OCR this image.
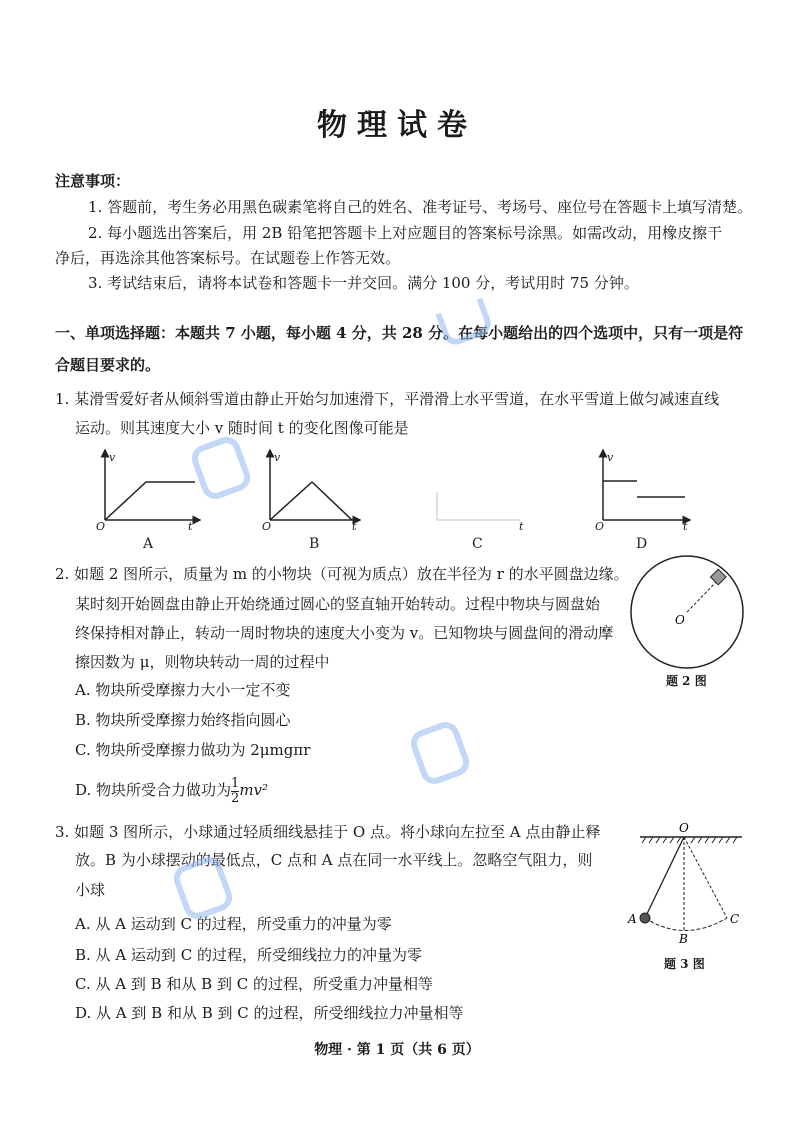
物理试卷
注意事项：
1. 答题前，考生务必用黑色碳素笔将自己的姓名、准考证号、考场号、座位号在答题卡上填写清楚。
2. 每小题选出答案后，用 2B 铅笔把答题卡上对应题目的答案标号涂黑。如需改动，用橡皮擦干
净后，再选涂其他答案标号。在试题卷上作答无效。
3. 考试结束后，请将本试卷和答题卡一并交回。满分 100 分，考试用时 75 分钟。
一、单项选择题：本题共 7 小题，每小题 4 分，共 28 分。在每小题给出的四个选项中，只有一项是符
合题目要求的。
1. 某滑雪爱好者从倾斜雪道由静止开始匀加速滑下，平滑滑上水平雪道，在水平雪道上做匀减速直线
运动。则其速度大小 v 随时间 t 的变化图像可能是
v
O	t
v
O	t	t
v
O	t
A	B	C	D
2. 如题 2 图所示，质量为 m 的小物块（可视为质点）放在半径为 r 的水平圆盘边缘。
某时刻开始圆盘由静止开始绕通过圆心的竖直轴开始转动。过程中物块与圆盘始
终保持相对静止，转动一周时物块的速度大小变为 v。已知物块与圆盘间的滑动摩
擦因数为 μ，则物块转动一周的过程中
A. 物块所受摩擦力大小一定不变
B. 物块所受摩擦力始终指向圆心
C. 物块所受摩擦力做功为 2μmgπr
D. 物块所受合力做功为 $\frac{1}{2} mv^2$
O
题 2 图
3. 如题 3 图所示，小球通过轻质细线悬挂于 O 点。将小球向左拉至 A 点由静止释
放。B 为小球摆动的最低点，C 点和 A 点在同一水平线上。忽略空气阻力，则
小球
A. 从 A 运动到 C 的过程，所受重力的冲量为零
B. 从 A 运动到 C 的过程，所受细线拉力的冲量为零
C. 从 A 到 B 和从 B 到 C 的过程，所受重力冲量相等
D. 从 A 到 B 和从 B 到 C 的过程，所受细线拉力冲量相等
O
A
B
C
题 3 图
物理 · 第 1 页（共 6 页）
